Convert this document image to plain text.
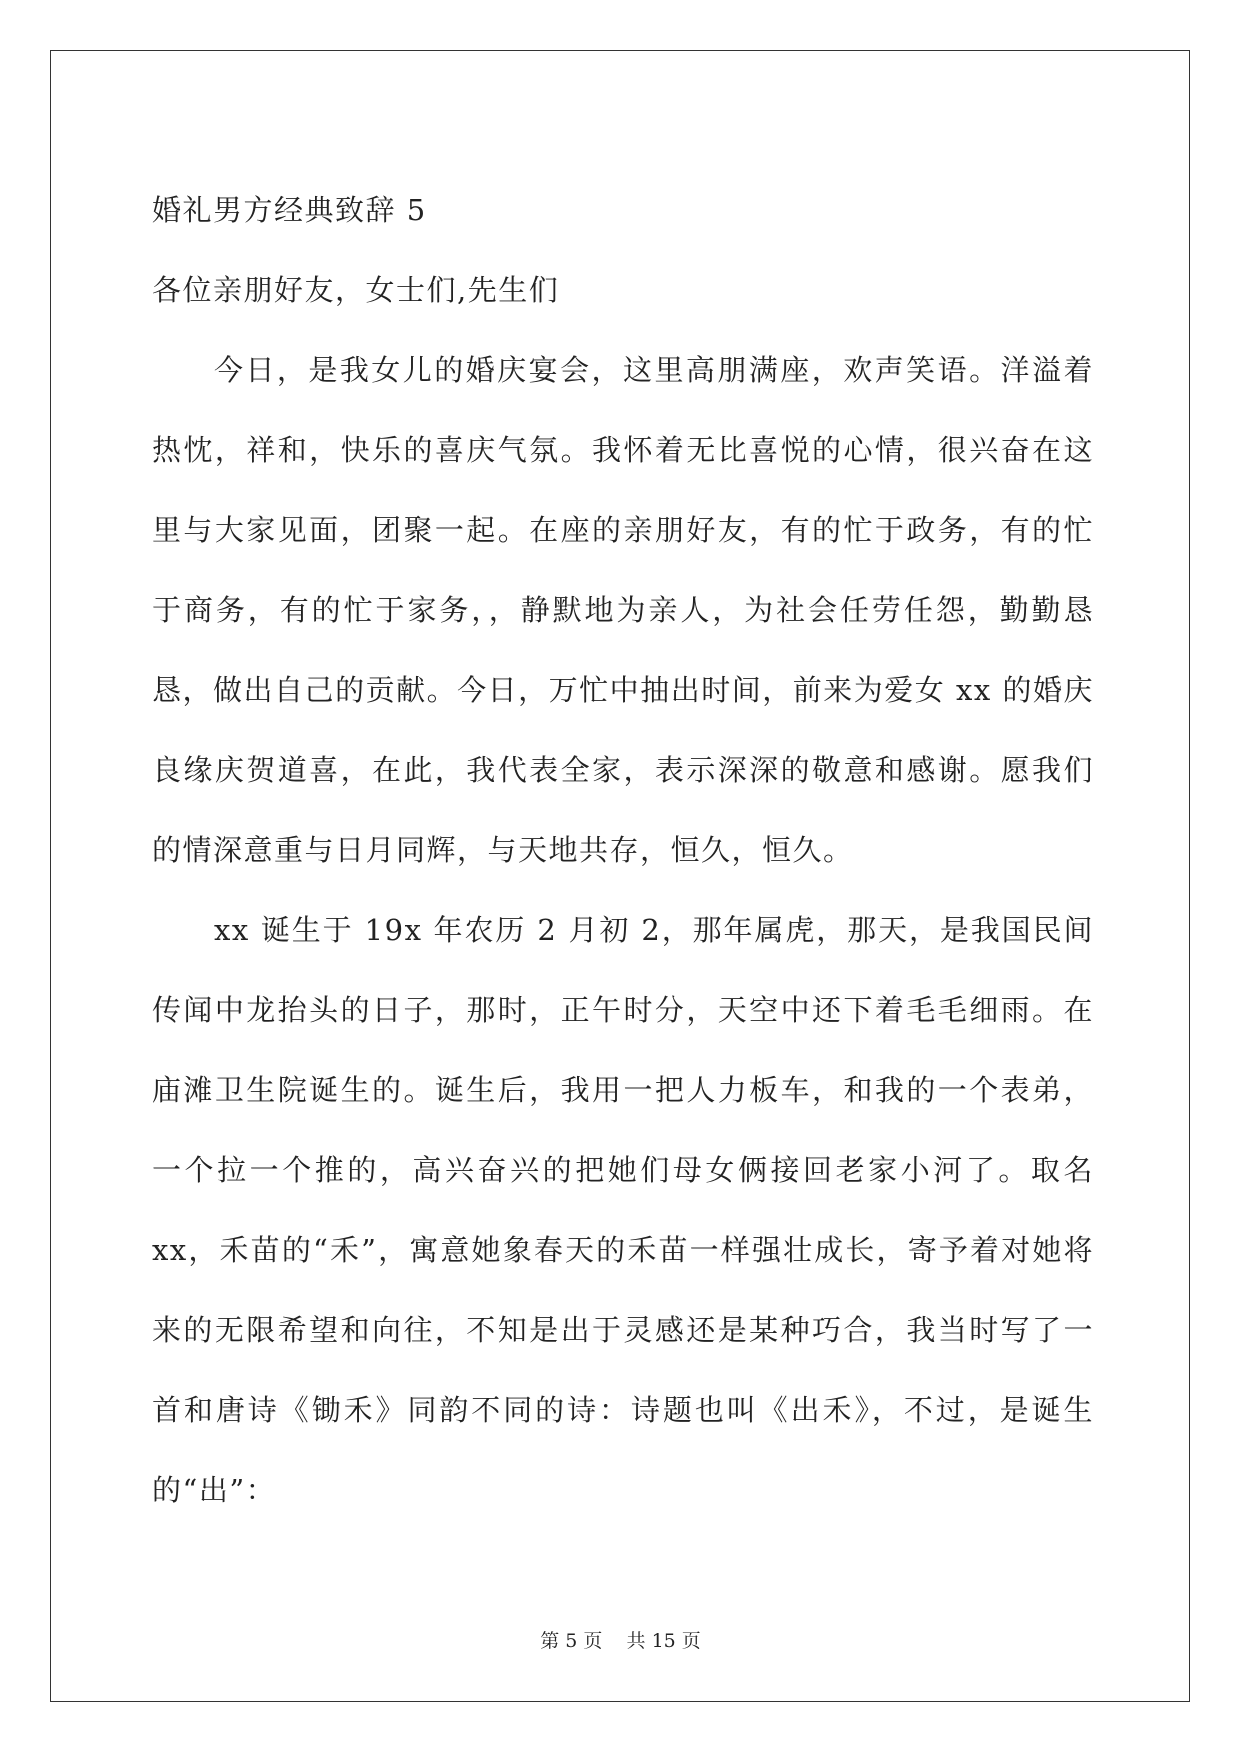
婚礼男方经典致辞 5

各位亲朋好友，女士们,先生们

今日，是我女儿的婚庆宴会，这里高朋满座，欢声笑语。洋溢着热忱，祥和，快乐的喜庆气氛。我怀着无比喜悦的心情，很兴奋在这里与大家见面，团聚一起。在座的亲朋好友，有的忙于政务，有的忙于商务，有的忙于家务，，静默地为亲人，为社会任劳任怨，勤勤恳恳，做出自己的贡献。今日，万忙中抽出时间，前来为爱女 xx 的婚庆良缘庆贺道喜，在此，我代表全家，表示深深的敬意和感谢。愿我们的情深意重与日月同辉，与天地共存，恒久，恒久。

xx 诞生于 19x 年农历 2 月初 2，那年属虎，那天，是我国民间传闻中龙抬头的日子，那时，正午时分，天空中还下着毛毛细雨。在庙滩卫生院诞生的。诞生后，我用一把人力板车，和我的一个表弟，一个拉一个推的，高兴奋兴的把她们母女俩接回老家小河了。取名 xx，禾苗的“禾”，寓意她象春天的禾苗一样强壮成长，寄予着对她将来的无限希望和向往，不知是出于灵感还是某种巧合，我当时写了一首和唐诗《锄禾》同韵不同的诗：诗题也叫《出禾》，不过，是诞生的“出”：

第 5 页    共 15 页
